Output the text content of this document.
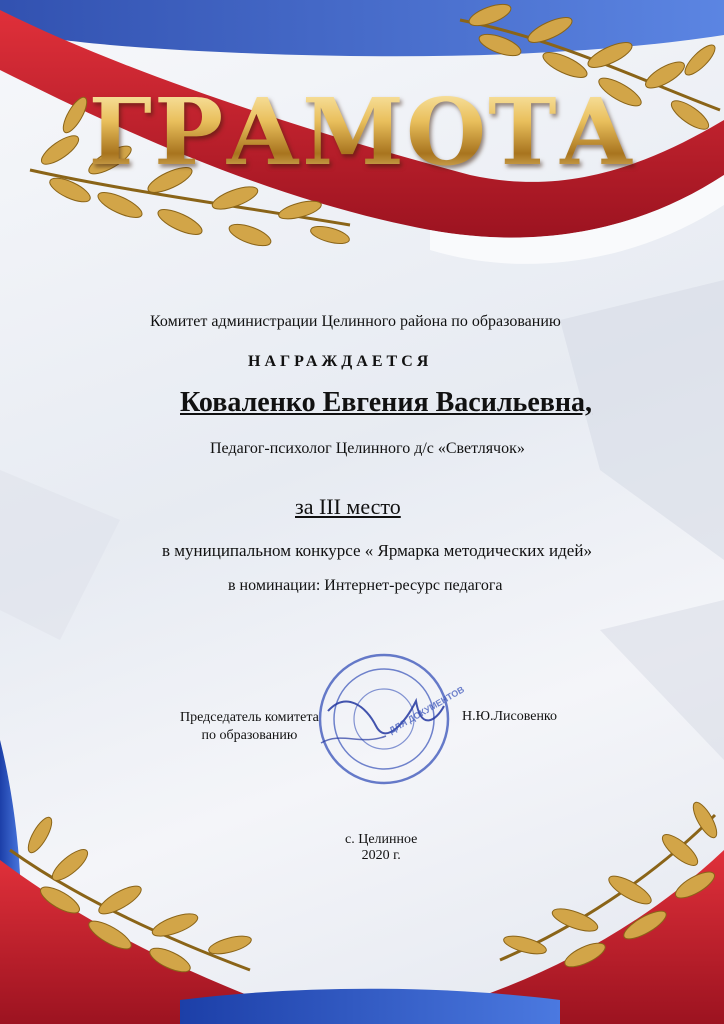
ГРАМОТА
Комитет администрации Целинного района по образованию
НАГРАЖДАЕТСЯ
Коваленко Евгения Васильевна,
Педагог-психолог Целинного д/с «Светлячок»
за III место
в муниципальном конкурсе « Ярмарка методических идей»
в номинации: Интернет-ресурс педагога
ДЛЯ ДОКУМЕНТОВ
Председатель комитета
по образованию
Н.Ю.Лисовенко
с. Целинное
2020 г.
